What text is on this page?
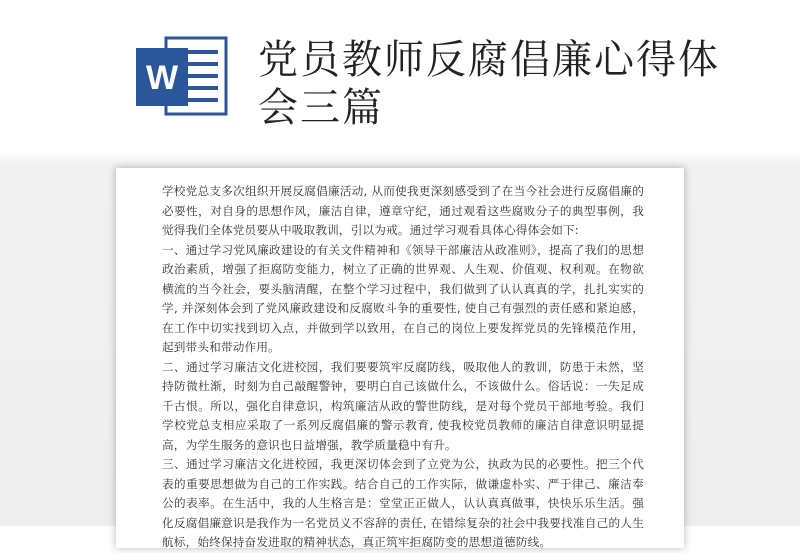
W 党员教师反腐倡廉心得体会三篇

学校党总支多次组织开展反腐倡廉活动, 从而使我更深刻感受到了在当今社会进行反腐倡廉的必要性，对自身的思想作风，廉洁自律，遵章守纪，通过观看这些腐败分子的典型事例，我觉得我们全体党员要从中吸取教训，引以为戒。通过学习观看具体心得体会如下:

一、通过学习党风廉政建设的有关文件精神和《领导干部廉洁从政准则》，提高了我们的思想政治素质，增强了拒腐防变能力，树立了正确的世界观、人生观、价值观、权利观。在物欲横流的当今社会，要头脑清醒，在整个学习过程中，我们做到了认认真真的学，扎扎实实的学, 并深刻体会到了党风廉政建设和反腐败斗争的重要性, 使自己有强烈的责任感和紧迫感，在工作中切实找到切入点，并做到学以致用，在自己的岗位上要发挥党员的先锋模范作用，起到带头和带动作用。

二、通过学习廉洁文化进校园，我们要要筑牢反腐防线，吸取他人的教训，防患于未然，坚持防微杜渐，时刻为自己敲醒警钟，要明白自己该做什么，不该做什么。俗话说：一失足成千古恨。所以，强化自律意识，构筑廉洁从政的警世防线，是对每个党员干部地考验。我们学校党总支相应采取了一系列反腐倡廉的警示教育, 使我校党员教师的廉洁自律意识明显提高，为学生服务的意识也日益增强，教学质量稳中有升。

三、通过学习廉洁文化进校园，我更深切体会到了立党为公，执政为民的必要性。把三个代表的重要思想做为自己的工作实践。结合自己的工作实际，做谦虚朴实、严于律己、廉洁奉公的表率。在生活中，我的人生格言是：堂堂正正做人，认认真真做事，快快乐乐生活。强化反腐倡廉意识是我作为一名党员义不容辞的责任, 在错综复杂的社会中我要找准自己的人生航标，始终保持奋发进取的精神状态，真正筑牢拒腐防变的思想道德防线。
